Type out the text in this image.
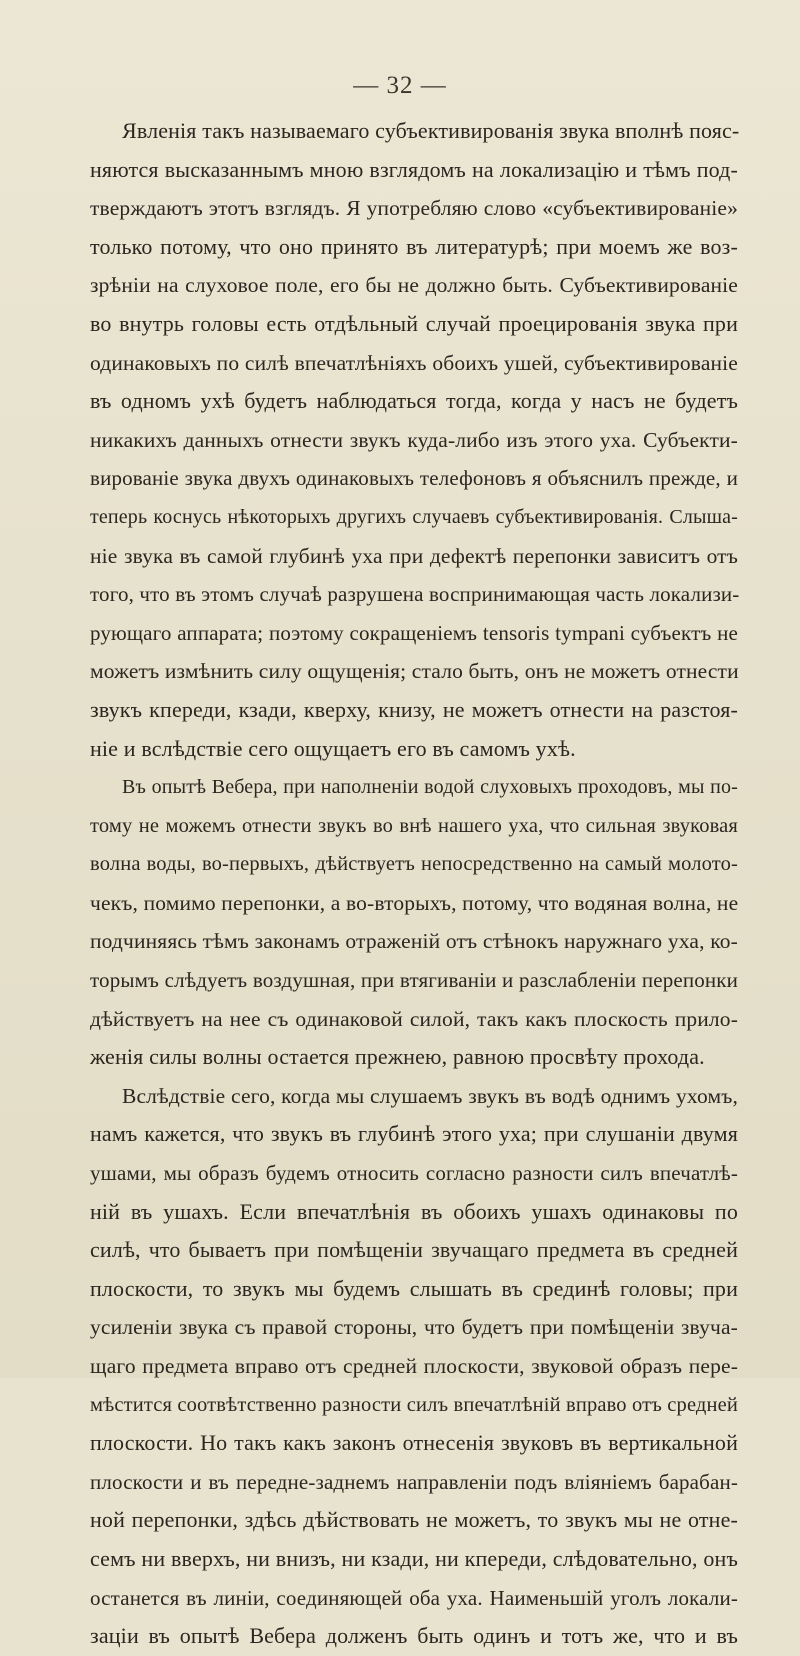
— 32 —
Явленія такъ называемаго субъективированія звука вполнѣ пояс-
няются высказаннымъ мною взглядомъ на локализацію и тѣмъ под-
тверждаютъ этотъ взглядъ. Я употребляю слово «субъективированіе»
только потому, что оно принято въ литературѣ; при моемъ же воз-
зрѣніи на слуховое поле, его бы не должно быть. Субъективированіе
во внутрь головы есть отдѣльный случай проецированія звука при
одинаковыхъ по силѣ впечатлѣніяхъ обоихъ ушей, субъективированіе
въ одномъ ухѣ будетъ наблюдаться тогда, когда у насъ не будетъ
никакихъ данныхъ отнести звукъ куда-либо изъ этого уха. Субъекти-
вированіе звука двухъ одинаковыхъ телефоновъ я объяснилъ прежде, и
теперь коснусь нѣкоторыхъ другихъ случаевъ субъективированія. Слыша-
ніе звука въ самой глубинѣ уха при дефектѣ перепонки зависитъ отъ
того, что въ этомъ случаѣ разрушена воспринимающая часть локализи-
рующаго аппарата; поэтому сокращеніемъ tensoris tympani субъектъ не
можетъ измѣнить силу ощущенія; стало быть, онъ не можетъ отнести
звукъ кпереди, кзади, кверху, книзу, не можетъ отнести на разстоя-
ніе и вслѣдствіе сего ощущаетъ его въ самомъ ухѣ.
Въ опытѣ Вебера, при наполненіи водой слуховыхъ проходовъ, мы по-
тому не можемъ отнести звукъ во внѣ нашего уха, что сильная звуковая
волна воды, во-первыхъ, дѣйствуетъ непосредственно на самый молото-
чекъ, помимо перепонки, а во-вторыхъ, потому, что водяная волна, не
подчиняясь тѣмъ законамъ отраженій отъ стѣнокъ наружнаго уха, ко-
торымъ слѣдуетъ воздушная, при втягиваніи и разслабленіи перепонки
дѣйствуетъ на нее съ одинаковой силой, такъ какъ плоскость прило-
женія силы волны остается прежнею, равною просвѣту прохода.
Вслѣдствіе сего, когда мы слушаемъ звукъ въ водѣ однимъ ухомъ,
намъ кажется, что звукъ въ глубинѣ этого уха; при слушаніи двумя
ушами, мы образъ будемъ относить согласно разности силъ впечатлѣ-
ній въ ушахъ. Если впечатлѣнія въ обоихъ ушахъ одинаковы по
силѣ, что бываетъ при помѣщеніи звучащаго предмета въ средней
плоскости, то звукъ мы будемъ слышать въ срединѣ головы; при
усиленіи звука съ правой стороны, что будетъ при помѣщеніи звуча-
щаго предмета вправо отъ средней плоскости, звуковой образъ пере-
мѣстится соотвѣтственно разности силъ впечатлѣній вправо отъ средней
плоскости. Но такъ какъ законъ отнесенія звуковъ въ вертикальной
плоскости и въ передне-заднемъ направленіи подъ вліяніемъ барабан-
ной перепонки, здѣсь дѣйствовать не можетъ, то звукъ мы не отне-
семъ ни вверхъ, ни внизъ, ни кзади, ни кпереди, слѣдовательно, онъ
останется въ линіи, соединяющей оба уха. Наименьшій уголъ локали-
заціи въ опытѣ Вебера долженъ быть одинъ и тотъ же, что и въ
